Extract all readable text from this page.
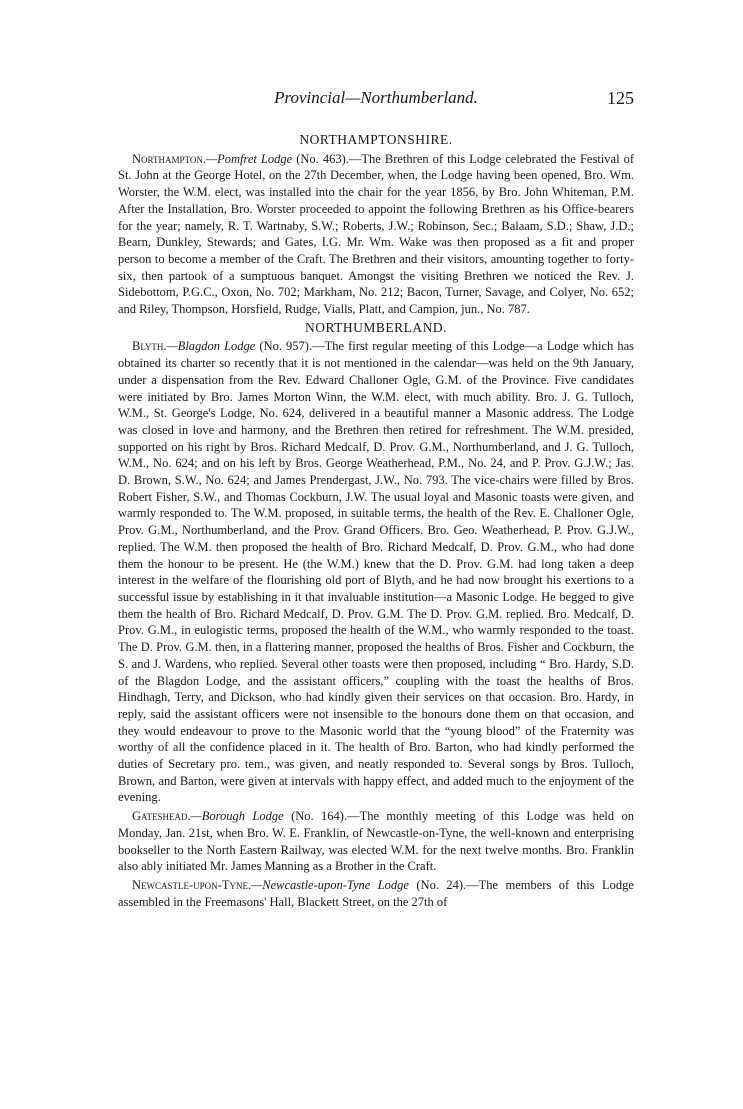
Provincial—Northumberland.	125
NORTHAMPTONSHIRE.

Northampton.—Pomfret Lodge (No. 463).—The Brethren of this Lodge celebrated the Festival of St. John at the George Hotel, on the 27th December, when, the Lodge having been opened, Bro. Wm. Worster, the W.M. elect, was installed into the chair for the year 1856, by Bro. John Whiteman, P.M. After the Installation, Bro. Worster proceeded to appoint the following Brethren as his Office-bearers for the year; namely, R. T. Wartnaby, S.W.; Roberts, J.W.; Robinson, Sec.; Balaam, S.D.; Shaw, J.D.; Bearn, Dunkley, Stewards; and Gates, I.G. Mr. Wm. Wake was then proposed as a fit and proper person to become a member of the Craft. The Brethren and their visitors, amounting together to forty-six, then partook of a sumptuous banquet. Amongst the visiting Brethren we noticed the Rev. J. Sidebottom, P.G.C., Oxon, No. 702; Markham, No. 212; Bacon, Turner, Savage, and Colyer, No. 652; and Riley, Thompson, Horsfield, Rudge, Vialls, Platt, and Campion, jun., No. 787.

NORTHUMBERLAND.

Blyth.—Blagdon Lodge (No. 957).—The first regular meeting of this Lodge—a Lodge which has obtained its charter so recently that it is not mentioned in the calendar—was held on the 9th January, under a dispensation from the Rev. Edward Challoner Ogle, G.M. of the Province. Five candidates were initiated by Bro. James Morton Winn, the W.M. elect, with much ability. Bro. J. G. Tulloch, W.M., St. George's Lodge, No. 624, delivered in a beautiful manner a Masonic address. The Lodge was closed in love and harmony, and the Brethren then retired for refreshment. The W.M. presided, supported on his right by Bros. Richard Medcalf, D. Prov. G.M., Northumberland, and J. G. Tulloch, W.M., No. 624; and on his left by Bros. George Weatherhead, P.M., No. 24, and P. Prov. G.J.W.; Jas. D. Brown, S.W., No. 624; and James Prendergast, J.W., No. 793. The vice-chairs were filled by Bros. Robert Fisher, S.W., and Thomas Cockburn, J.W. The usual loyal and Masonic toasts were given, and warmly responded to. The W.M. proposed, in suitable terms, the health of the Rev. E. Challoner Ogle, Prov. G.M., Northumberland, and the Prov. Grand Officers. Bro. Geo. Weatherhead, P. Prov. G.J.W., replied. The W.M. then proposed the health of Bro. Richard Medcalf, D. Prov. G.M., who had done them the honour to be present. He (the W.M.) knew that the D. Prov. G.M. had long taken a deep interest in the welfare of the flourishing old port of Blyth, and he had now brought his exertions to a successful issue by establishing in it that invaluable institution—a Masonic Lodge. He begged to give them the health of Bro. Richard Medcalf, D. Prov. G.M. The D. Prov. G.M. replied. Bro. Medcalf, D. Prov. G.M., in eulogistic terms, proposed the health of the W.M., who warmly responded to the toast. The D. Prov. G.M. then, in a flattering manner, proposed the healths of Bros. Fisher and Cockburn, the S. and J. Wardens, who replied. Several other toasts were then proposed, including “ Bro. Hardy, S.D. of the Blagdon Lodge, and the assistant officers,” coupling with the toast the healths of Bros. Hindhagh, Terry, and Dickson, who had kindly given their services on that occasion. Bro. Hardy, in reply, said the assistant officers were not insensible to the honours done them on that occasion, and they would endeavour to prove to the Masonic world that the “young blood” of the Fraternity was worthy of all the confidence placed in it. The health of Bro. Barton, who had kindly performed the duties of Secretary pro. tem., was given, and neatly responded to. Several songs by Bros. Tulloch, Brown, and Barton, were given at intervals with happy effect, and added much to the enjoyment of the evening.

Gateshead.—Borough Lodge (No. 164).—The monthly meeting of this Lodge was held on Monday, Jan. 21st, when Bro. W. E. Franklin, of Newcastle-on-Tyne, the well-known and enterprising bookseller to the North Eastern Railway, was elected W.M. for the next twelve months. Bro. Franklin also ably initiated Mr. James Manning as a Brother in the Craft.

Newcastle-upon-Tyne.—Newcastle-upon-Tyne Lodge (No. 24).—The members of this Lodge assembled in the Freemasons' Hall, Blackett Street, on the 27th of
